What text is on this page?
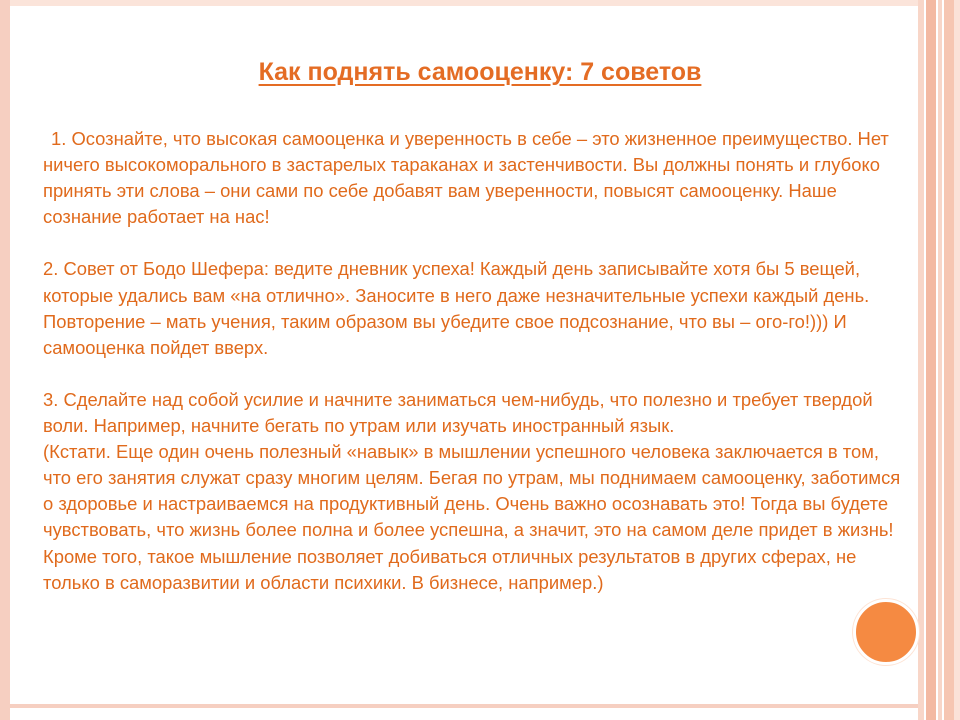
Как поднять самооценку: 7 советов

1. Осознайте, что высокая самооценка и уверенность в себе – это жизненное преимущество. Нет ничего высокоморального в застарелых тараканах и застенчивости. Вы должны понять и глубоко принять эти слова – они сами по себе добавят вам уверенности, повысят самооценку. Наше сознание работает на нас!

2. Совет от Бодо Шефера: ведите дневник успеха! Каждый день записывайте хотя бы 5 вещей, которые удались вам «на отлично». Заносите в него даже незначительные успехи каждый день. Повторение – мать учения, таким образом вы убедите свое подсознание, что вы – ого-го!))) И самооценка пойдет вверх.

3. Сделайте над собой усилие и начните заниматься чем-нибудь, что полезно и требует твердой воли. Например, начните бегать по утрам или изучать иностранный язык.

(Кстати. Еще один очень полезный «навык» в мышлении успешного человека заключается в том, что его занятия служат сразу многим целям. Бегая по утрам, мы поднимаем самооценку, заботимся о здоровье и настраиваемся на продуктивный день. Очень важно осознавать это! Тогда вы будете чувствовать, что жизнь более полна и более успешна, а значит, это на самом деле придет в жизнь! Кроме того, такое мышление позволяет добиваться отличных результатов в других сферах, не только в саморазвитии и области психики. В бизнесе, например.)
